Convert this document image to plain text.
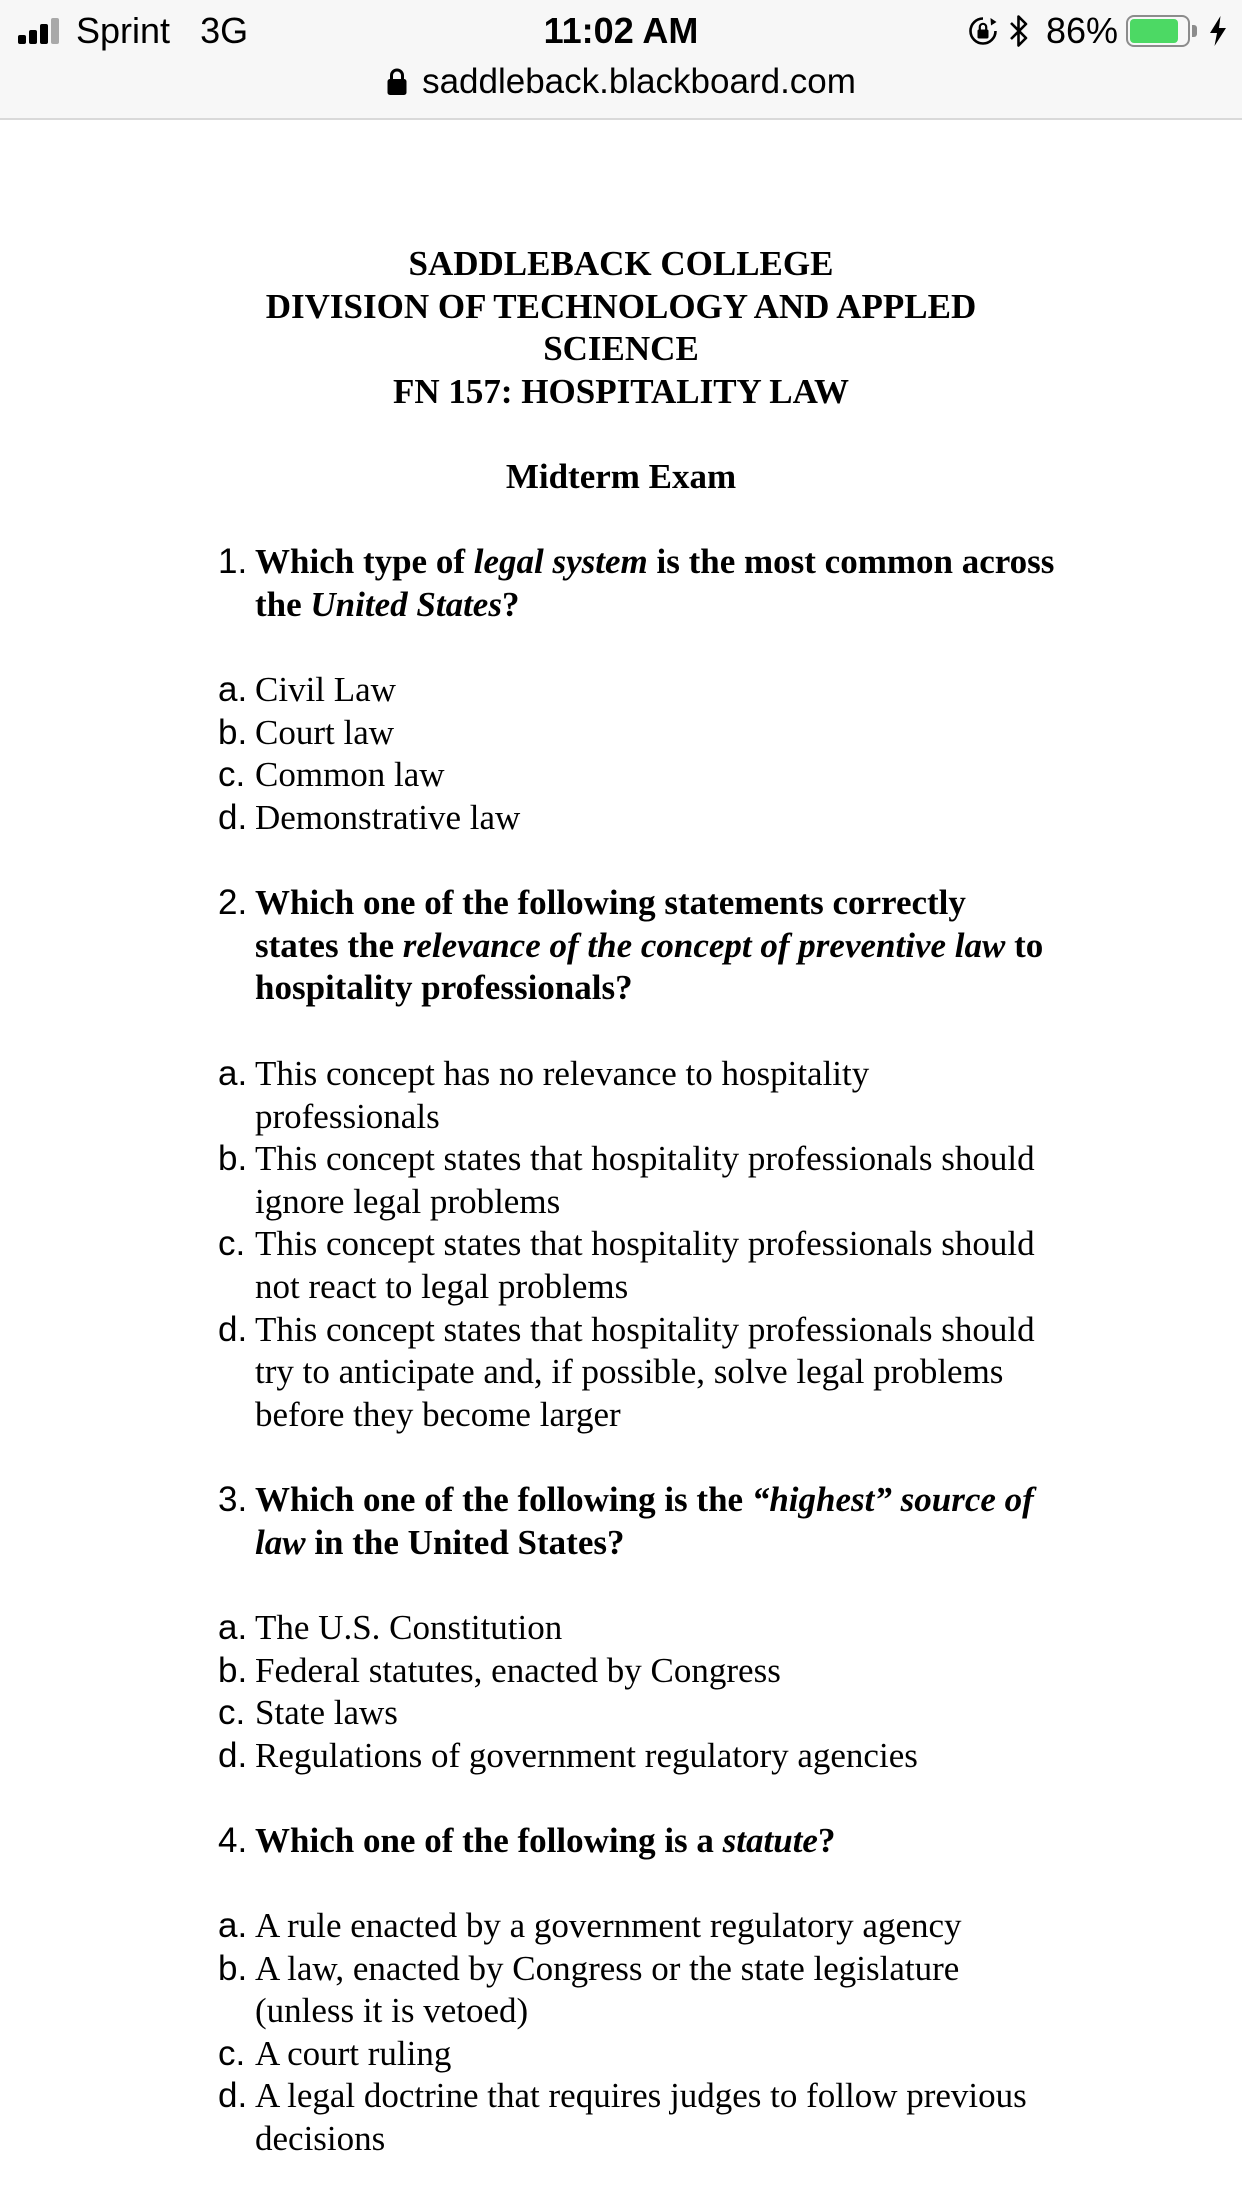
Sprint 3G	11:02 AM	86%
saddleback.blackboard.com
SADDLEBACK COLLEGE
DIVISION OF TECHNOLOGY AND APPLED
SCIENCE
FN 157: HOSPITALITY LAW
Midterm Exam
1. Which type of legal system is the most common across the United States?
a. Civil Law
b. Court law
c. Common law
d. Demonstrative law
2. Which one of the following statements correctly states the relevance of the concept of preventive law to hospitality professionals?
a. This concept has no relevance to hospitality professionals
b. This concept states that hospitality professionals should ignore legal problems
c. This concept states that hospitality professionals should not react to legal problems
d. This concept states that hospitality professionals should try to anticipate and, if possible, solve legal problems before they become larger
3. Which one of the following is the “highest” source of law in the United States?
a. The U.S. Constitution
b. Federal statutes, enacted by Congress
c. State laws
d. Regulations of government regulatory agencies
4. Which one of the following is a statute?
a. A rule enacted by a government regulatory agency
b. A law, enacted by Congress or the state legislature (unless it is vetoed)
c. A court ruling
d. A legal doctrine that requires judges to follow previous decisions
